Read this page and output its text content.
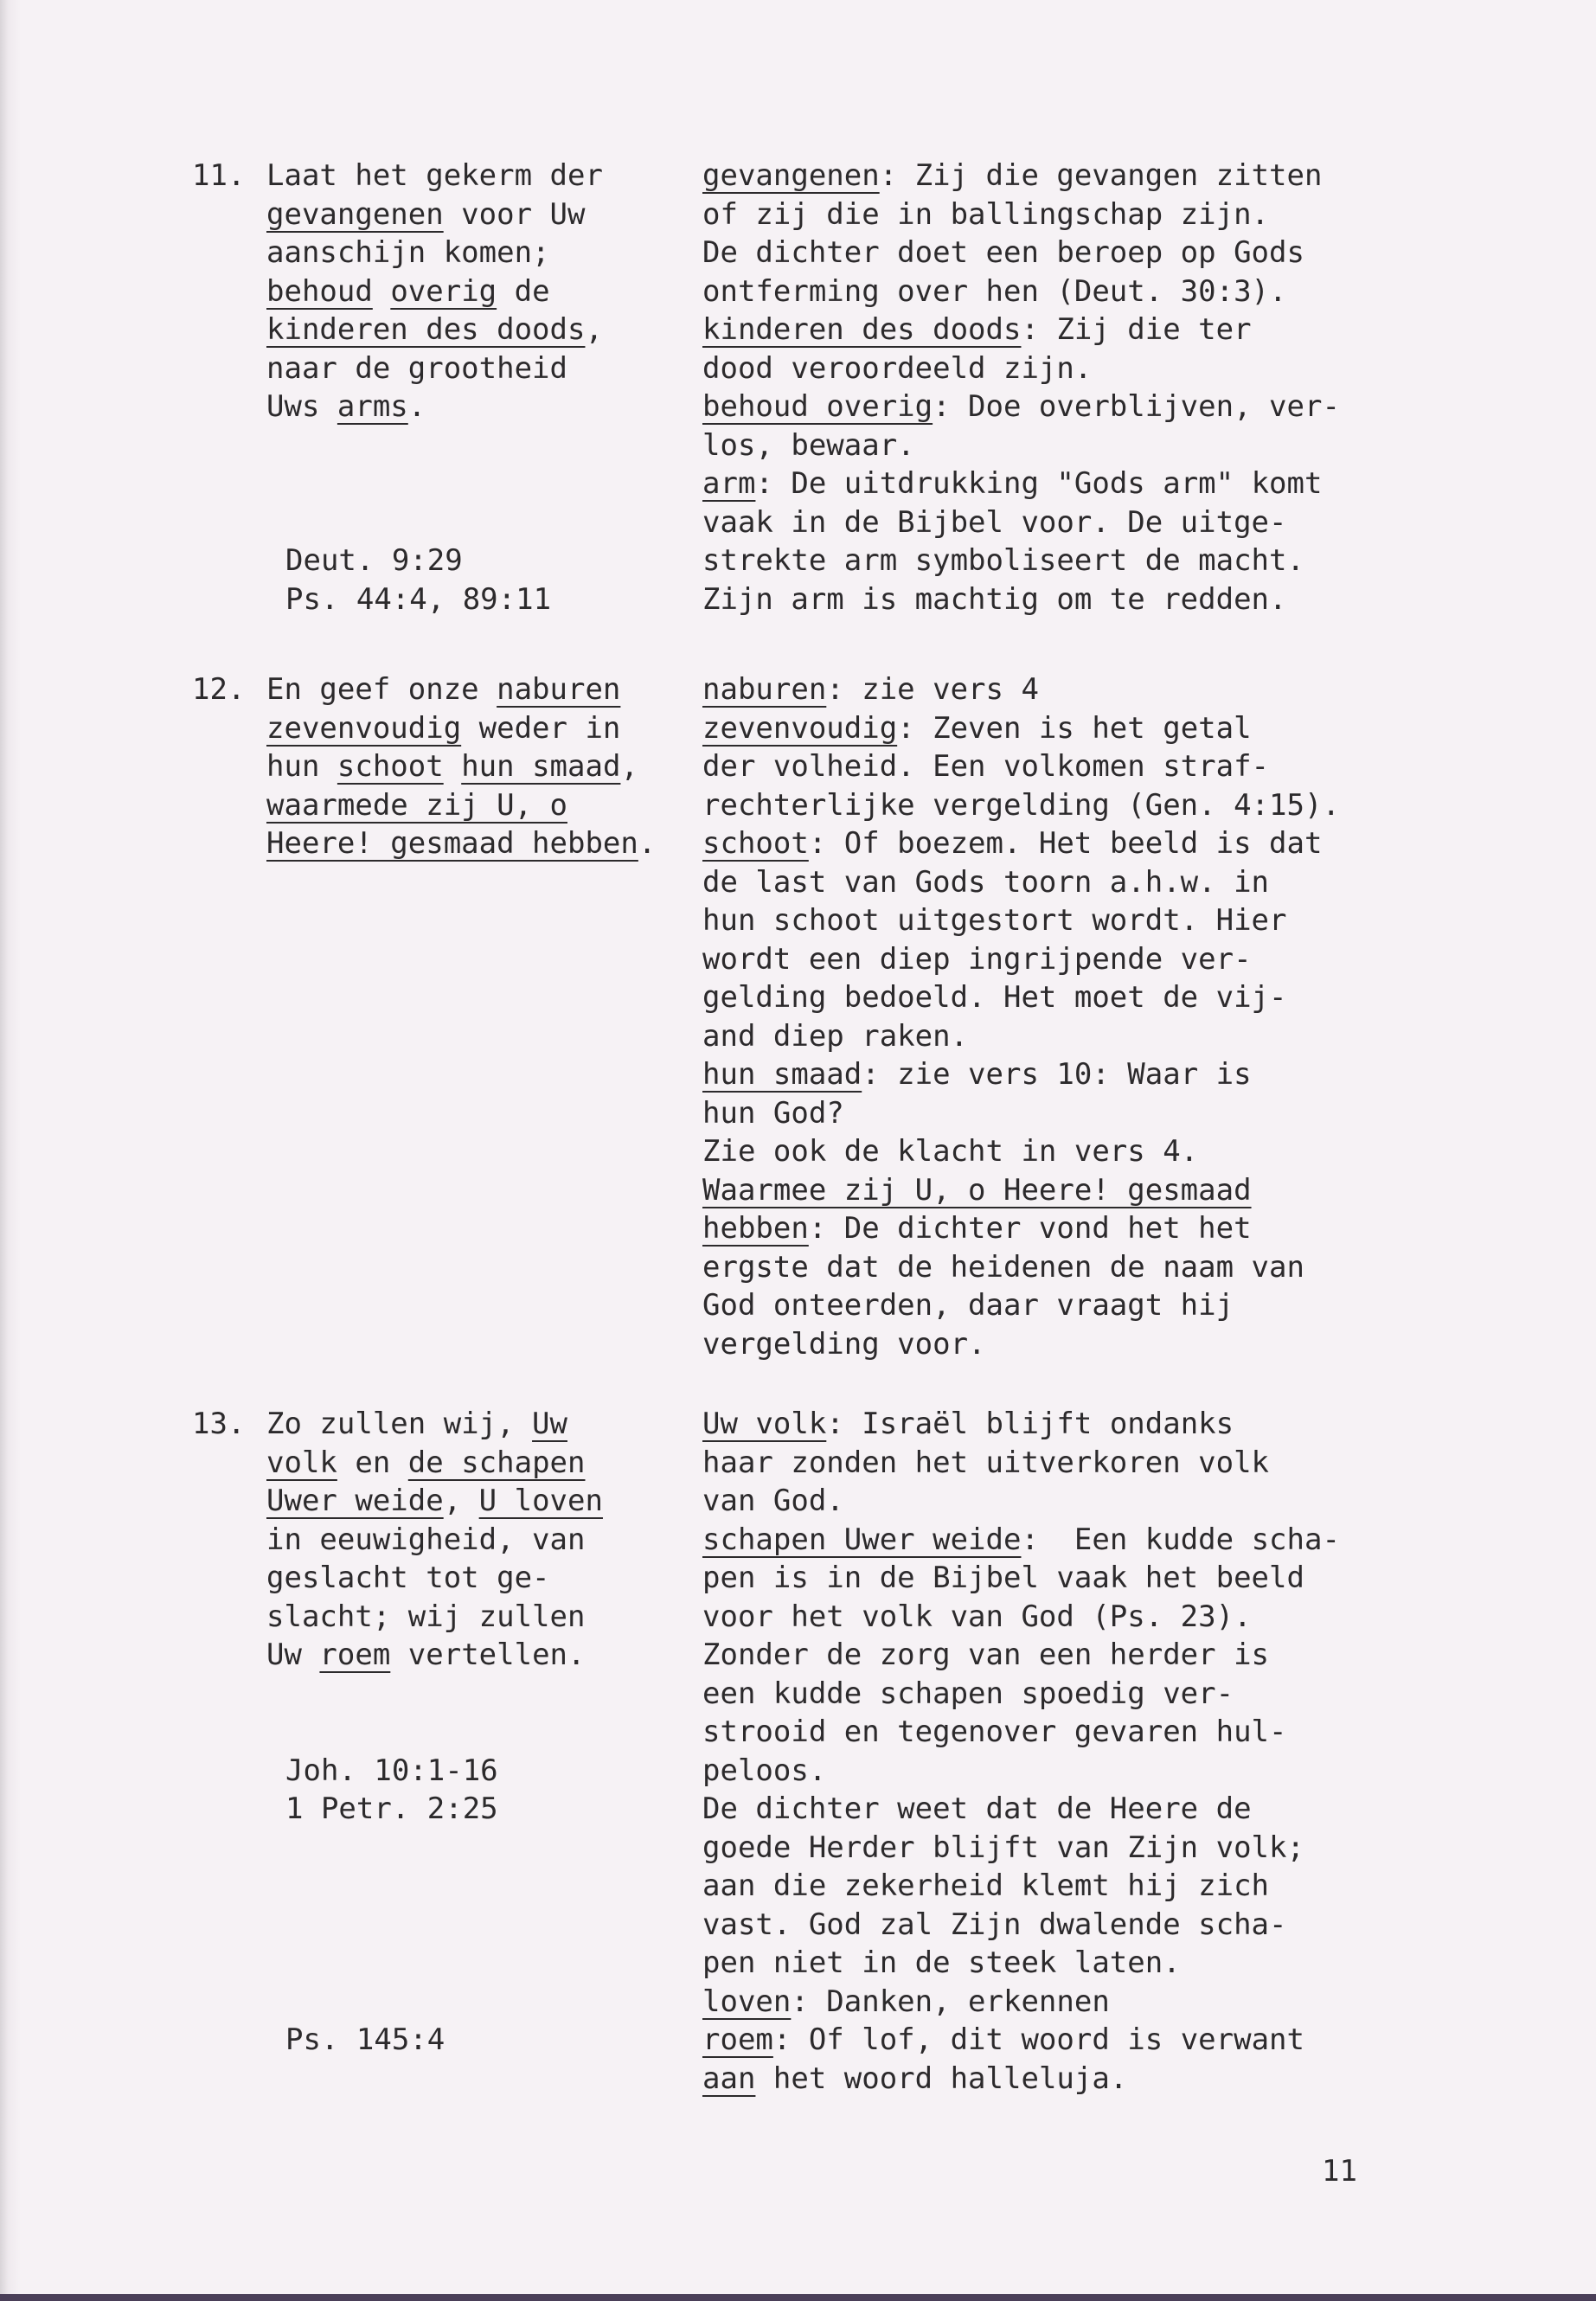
11. Laat het gekerm der
gevangenen voor Uw
aanschijn komen;
behoud overig de
kinderen des doods,
naar de grootheid
Uws arms.
Deut. 9:29
Ps. 44:4, 89:11
gevangenen: Zij die gevangen zitten
of zij die in ballingschap zijn.
De dichter doet een beroep op Gods
ontferming over hen (Deut. 30:3).
kinderen des doods: Zij die ter
dood veroordeeld zijn.
behoud overig: Doe overblijven, ver-
los, bewaar.
arm: De uitdrukking "Gods arm" komt
vaak in de Bijbel voor. De uitge-
strekte arm symboliseert de macht.
Zijn arm is machtig om te redden.
12. En geef onze naburen
zevenvoudig weder in
hun schoot hun smaad,
waarmede zij U, o
Heere! gesmaad hebben.
naburen: zie vers 4
zevenvoudig: Zeven is het getal
der volheid. Een volkomen straf-
rechterlijke vergelding (Gen. 4:15).
schoot: Of boezem. Het beeld is dat
de last van Gods toorn a.h.w. in
hun schoot uitgestort wordt. Hier
wordt een diep ingrijpende ver-
gelding bedoeld. Het moet de vij-
and diep raken.
hun smaad: zie vers 10: Waar is
hun God?
Zie ook de klacht in vers 4.
Waarmee zij U, o Heere! gesmaad
hebben: De dichter vond het het
ergste dat de heidenen de naam van
God onteerden, daar vraagt hij
vergelding voor.
13. Zo zullen wij, Uw
volk en de schapen
Uwer weide, U loven
in eeuwigheid, van
geslacht tot ge-
slacht; wij zullen
Uw roem vertellen.
Joh. 10:1-16
1 Petr. 2:25
Ps. 145:4
Uw volk: Israël blijft ondanks
haar zonden het uitverkoren volk
van God.
schapen Uwer weide:  Een kudde scha-
pen is in de Bijbel vaak het beeld
voor het volk van God (Ps. 23).
Zonder de zorg van een herder is
een kudde schapen spoedig ver-
strooid en tegenover gevaren hul-
peloos.
De dichter weet dat de Heere de
goede Herder blijft van Zijn volk;
aan die zekerheid klemt hij zich
vast. God zal Zijn dwalende scha-
pen niet in de steek laten.
loven: Danken, erkennen
roem: Of lof, dit woord is verwant
aan het woord halleluja.
11
